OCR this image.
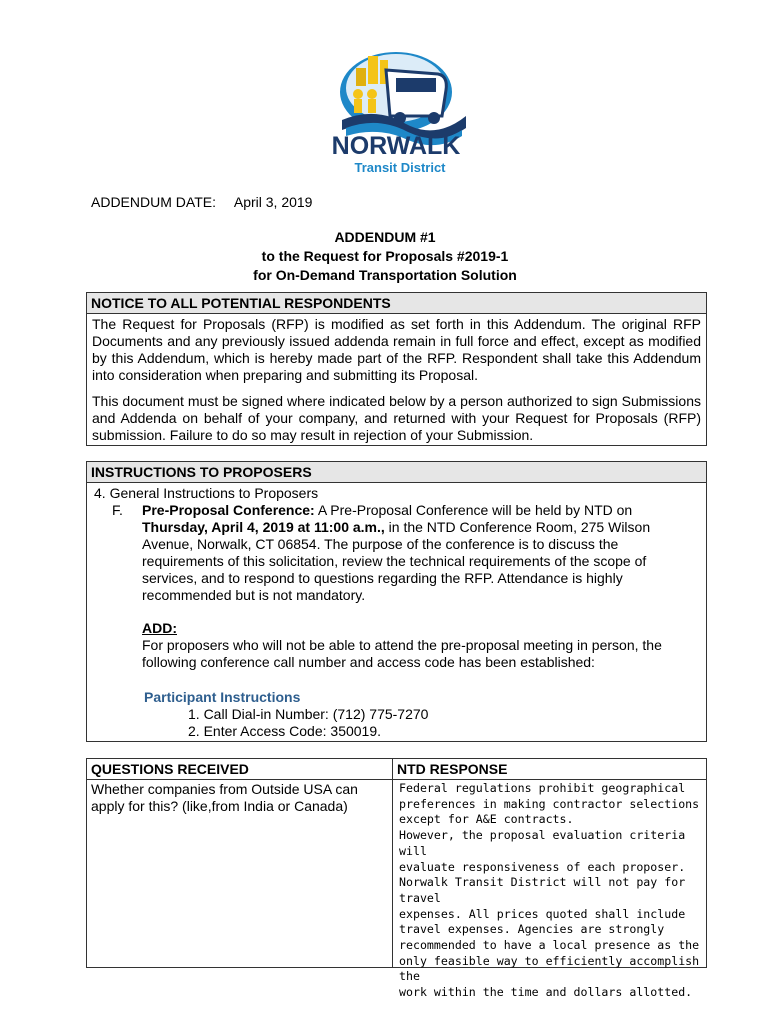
NORWALK
Transit District
ADDENDUM DATE: April 3, 2019
ADDENDUM #1
to the Request for Proposals #2019-1
for On-Demand Transportation Solution
NOTICE TO ALL POTENTIAL RESPONDENTS

The Request for Proposals (RFP) is modified as set forth in this Addendum. The original RFP Documents and any previously issued addenda remain in full force and effect, except as modified by this Addendum, which is hereby made part of the RFP. Respondent shall take this Addendum into consideration when preparing and submitting its Proposal.

This document must be signed where indicated below by a person authorized to sign Submissions and Addenda on behalf of your company, and returned with your Request for Proposals (RFP) submission. Failure to do so may result in rejection of your Submission.

INSTRUCTIONS TO PROPOSERS
4. General Instructions to Proposers
F. Pre-Proposal Conference: A Pre-Proposal Conference will be held by NTD on Thursday, April 4, 2019 at 11:00 a.m., in the NTD Conference Room, 275 Wilson Avenue, Norwalk, CT 06854. The purpose of the conference is to discuss the requirements of this solicitation, review the technical requirements of the scope of services, and to respond to questions regarding the RFP. Attendance is highly recommended but is not mandatory.
ADD:
For proposers who will not be able to attend the pre-proposal meeting in person, the following conference call number and access code has been established:
Participant Instructions
1. Call Dial-in Number: (712) 775-7270
2. Enter Access Code: 350019.
QUESTIONS RECEIVED
Whether companies from Outside USA can apply for this? (like,from India or Canada)
NTD RESPONSE
Federal regulations prohibit geographical
preferences in making contractor selections
except for A&E contracts.
However, the proposal evaluation criteria will
evaluate responsiveness of each proposer.
Norwalk Transit District will not pay for travel
expenses. All prices quoted shall include
travel expenses. Agencies are strongly
recommended to have a local presence as the
only feasible way to efficiently accomplish the
work within the time and dollars allotted.
